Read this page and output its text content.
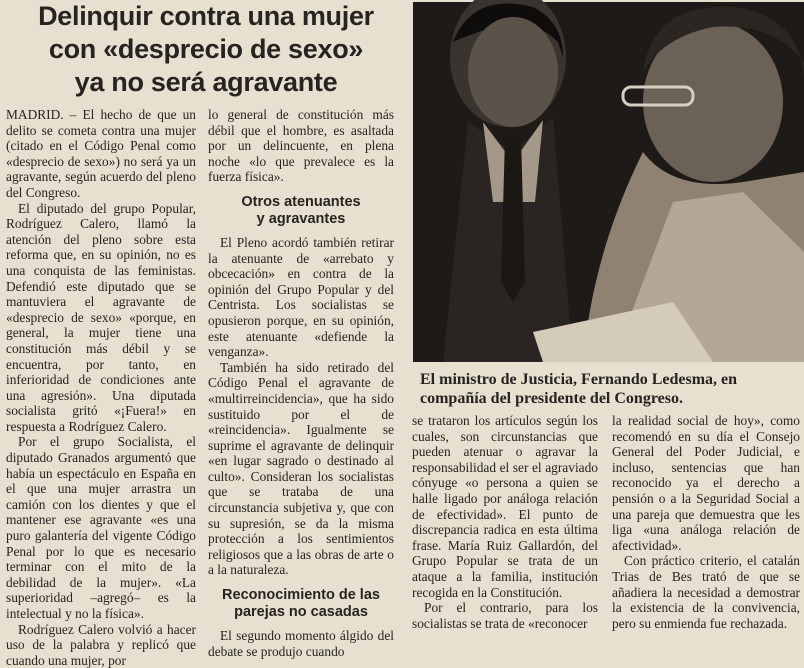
Delinquir contra una mujer
con «desprecio de sexo»
ya no será agravante

MADRID. – El hecho de que un delito se cometa contra una mujer (citado en el Código Penal como «desprecio de sexo») no será ya un agravante, según acuerdo del pleno del Congreso.

El diputado del grupo Popular, Rodríguez Calero, llamó la atención del pleno sobre esta reforma que, en su opinión, no es una conquista de las feministas. Defendió este diputado que se mantuviera el agravante de «desprecio de sexo» «porque, en general, la mujer tiene una constitución más débil y se encuentra, por tanto, en inferioridad de condiciones ante una agresión». Una diputada socialista gritó «¡Fuera!» en respuesta a Rodríguez Calero.

Por el grupo Socialista, el diputado Granados argumentó que había un espectáculo en España en el que una mujer arrastra un camión con los dientes y que el mantener ese agravante «es una puro galantería del vigente Código Penal por lo que es necesario terminar con el mito de la debilidad de la mujer». «La superioridad –agregó– es la intelectual y no la física».

Rodríguez Calero volvió a hacer uso de la palabra y replicó que cuando una mujer, por

lo general de constitución más débil que el hombre, es asaltada por un delincuente, en plena noche «lo que prevalece es la fuerza física».

Otros atenuantes
y agravantes

El Pleno acordó también retirar la atenuante de «arrebato y obcecación» en contra de la opinión del Grupo Popular y del Centrista. Los socialistas se opusieron porque, en su opinión, este atenuante «defiende la venganza».

También ha sido retirado del Código Penal el agravante de «multirreincidencia», que ha sido sustituido por el de «reincidencia». Igualmente se suprime el agravante de delinquir «en lugar sagrado o destinado al culto». Consideran los socialistas que se trataba de una circunstancia subjetiva y, que con su supresión, se da la misma protección a los sentimientos religiosos que a las obras de arte o a la naturaleza.

Reconocimiento de las
parejas no casadas

El segundo momento álgido del debate se produjo cuando

El ministro de Justicia, Fernando Ledesma, en
compañía del presidente del Congreso.

se trataron los artículos según los cuales, son circunstancias que pueden atenuar o agravar la responsabilidad el ser el agraviado cónyuge «o persona a quien se halle ligado por análoga relación de efectividad». El punto de discrepancia radica en esta última frase. María Ruiz Gallardón, del Grupo Popular se trata de un ataque a la familia, institución recogida en la Constitución.

Por el contrario, para los socialistas se trata de «reconocer

la realidad social de hoy», como recomendó en su día el Consejo General del Poder Judicial, e incluso, sentencias que han reconocido ya el derecho a pensión o a la Seguridad Social a una pareja que demuestra que les liga «una análoga relación de afectividad».

Con práctico criterio, el catalán Trias de Bes trató de que se añadiera la necesidad a demostrar la existencia de la convivencia, pero su enmienda fue rechazada.
